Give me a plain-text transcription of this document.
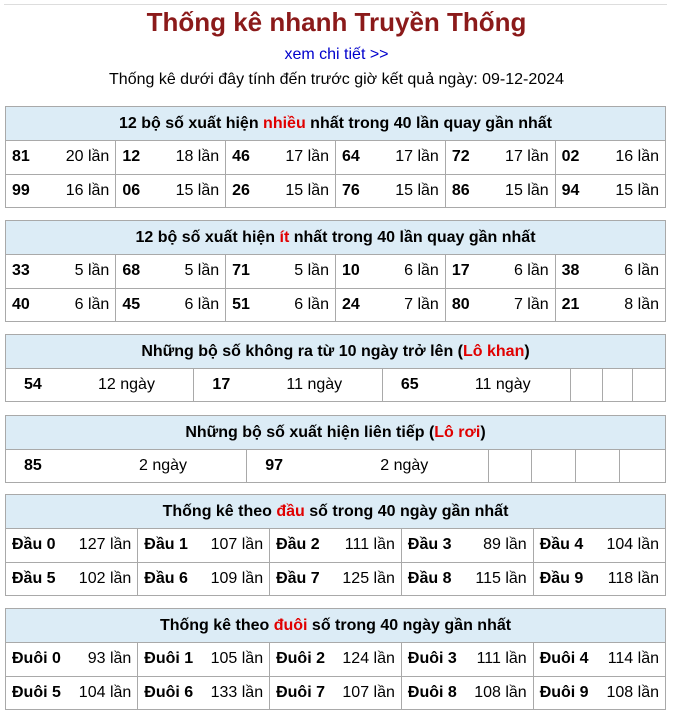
Thống kê nhanh Truyền Thống
xem chi tiết >>
Thống kê dưới đây tính đến trước giờ kết quả ngày: 09-12-2024
12 bộ số xuất hiện nhiều nhất trong 40 lần quay gần nhất
81 20 lần	12 18 lần	46 17 lần	64 17 lần	72 17 lần	02 16 lần

99 16 lần	06 15 lần	26 15 lần	76 15 lần	86 15 lần	94 15 lần
12 bộ số xuất hiện ít nhất trong 40 lần quay gần nhất
33 5 lần	68 5 lần	71 5 lần	10 6 lần	17 6 lần	38 6 lần

40 6 lần	45 6 lần	51 6 lần	24 7 lần	80 7 lần	21 8 lần
Những bộ số không ra từ 10 ngày trở lên (Lô khan)
54	12 ngày	17	11 ngày	65	11 ngày
Những bộ số xuất hiện liên tiếp (Lô rơi)
85	2 ngày	97	2 ngày
Thống kê theo đầu số trong 40 ngày gần nhất
Đầu 0 127 lần	Đầu 1 107 lần	Đầu 2 111 lần	Đầu 3 89 lần	Đầu 4 104 lần

Đầu 5 102 lần	Đầu 6 109 lần	Đầu 7 125 lần	Đầu 8 115 lần	Đầu 9 118 lần
Thống kê theo đuôi số trong 40 ngày gần nhất
Đuôi 0 93 lần	Đuôi 1 105 lần	Đuôi 2 124 lần	Đuôi 3 111 lần	Đuôi 4 114 lần

Đuôi 5 104 lần	Đuôi 6 133 lần	Đuôi 7 107 lần	Đuôi 8 108 lần	Đuôi 9 108 lần
